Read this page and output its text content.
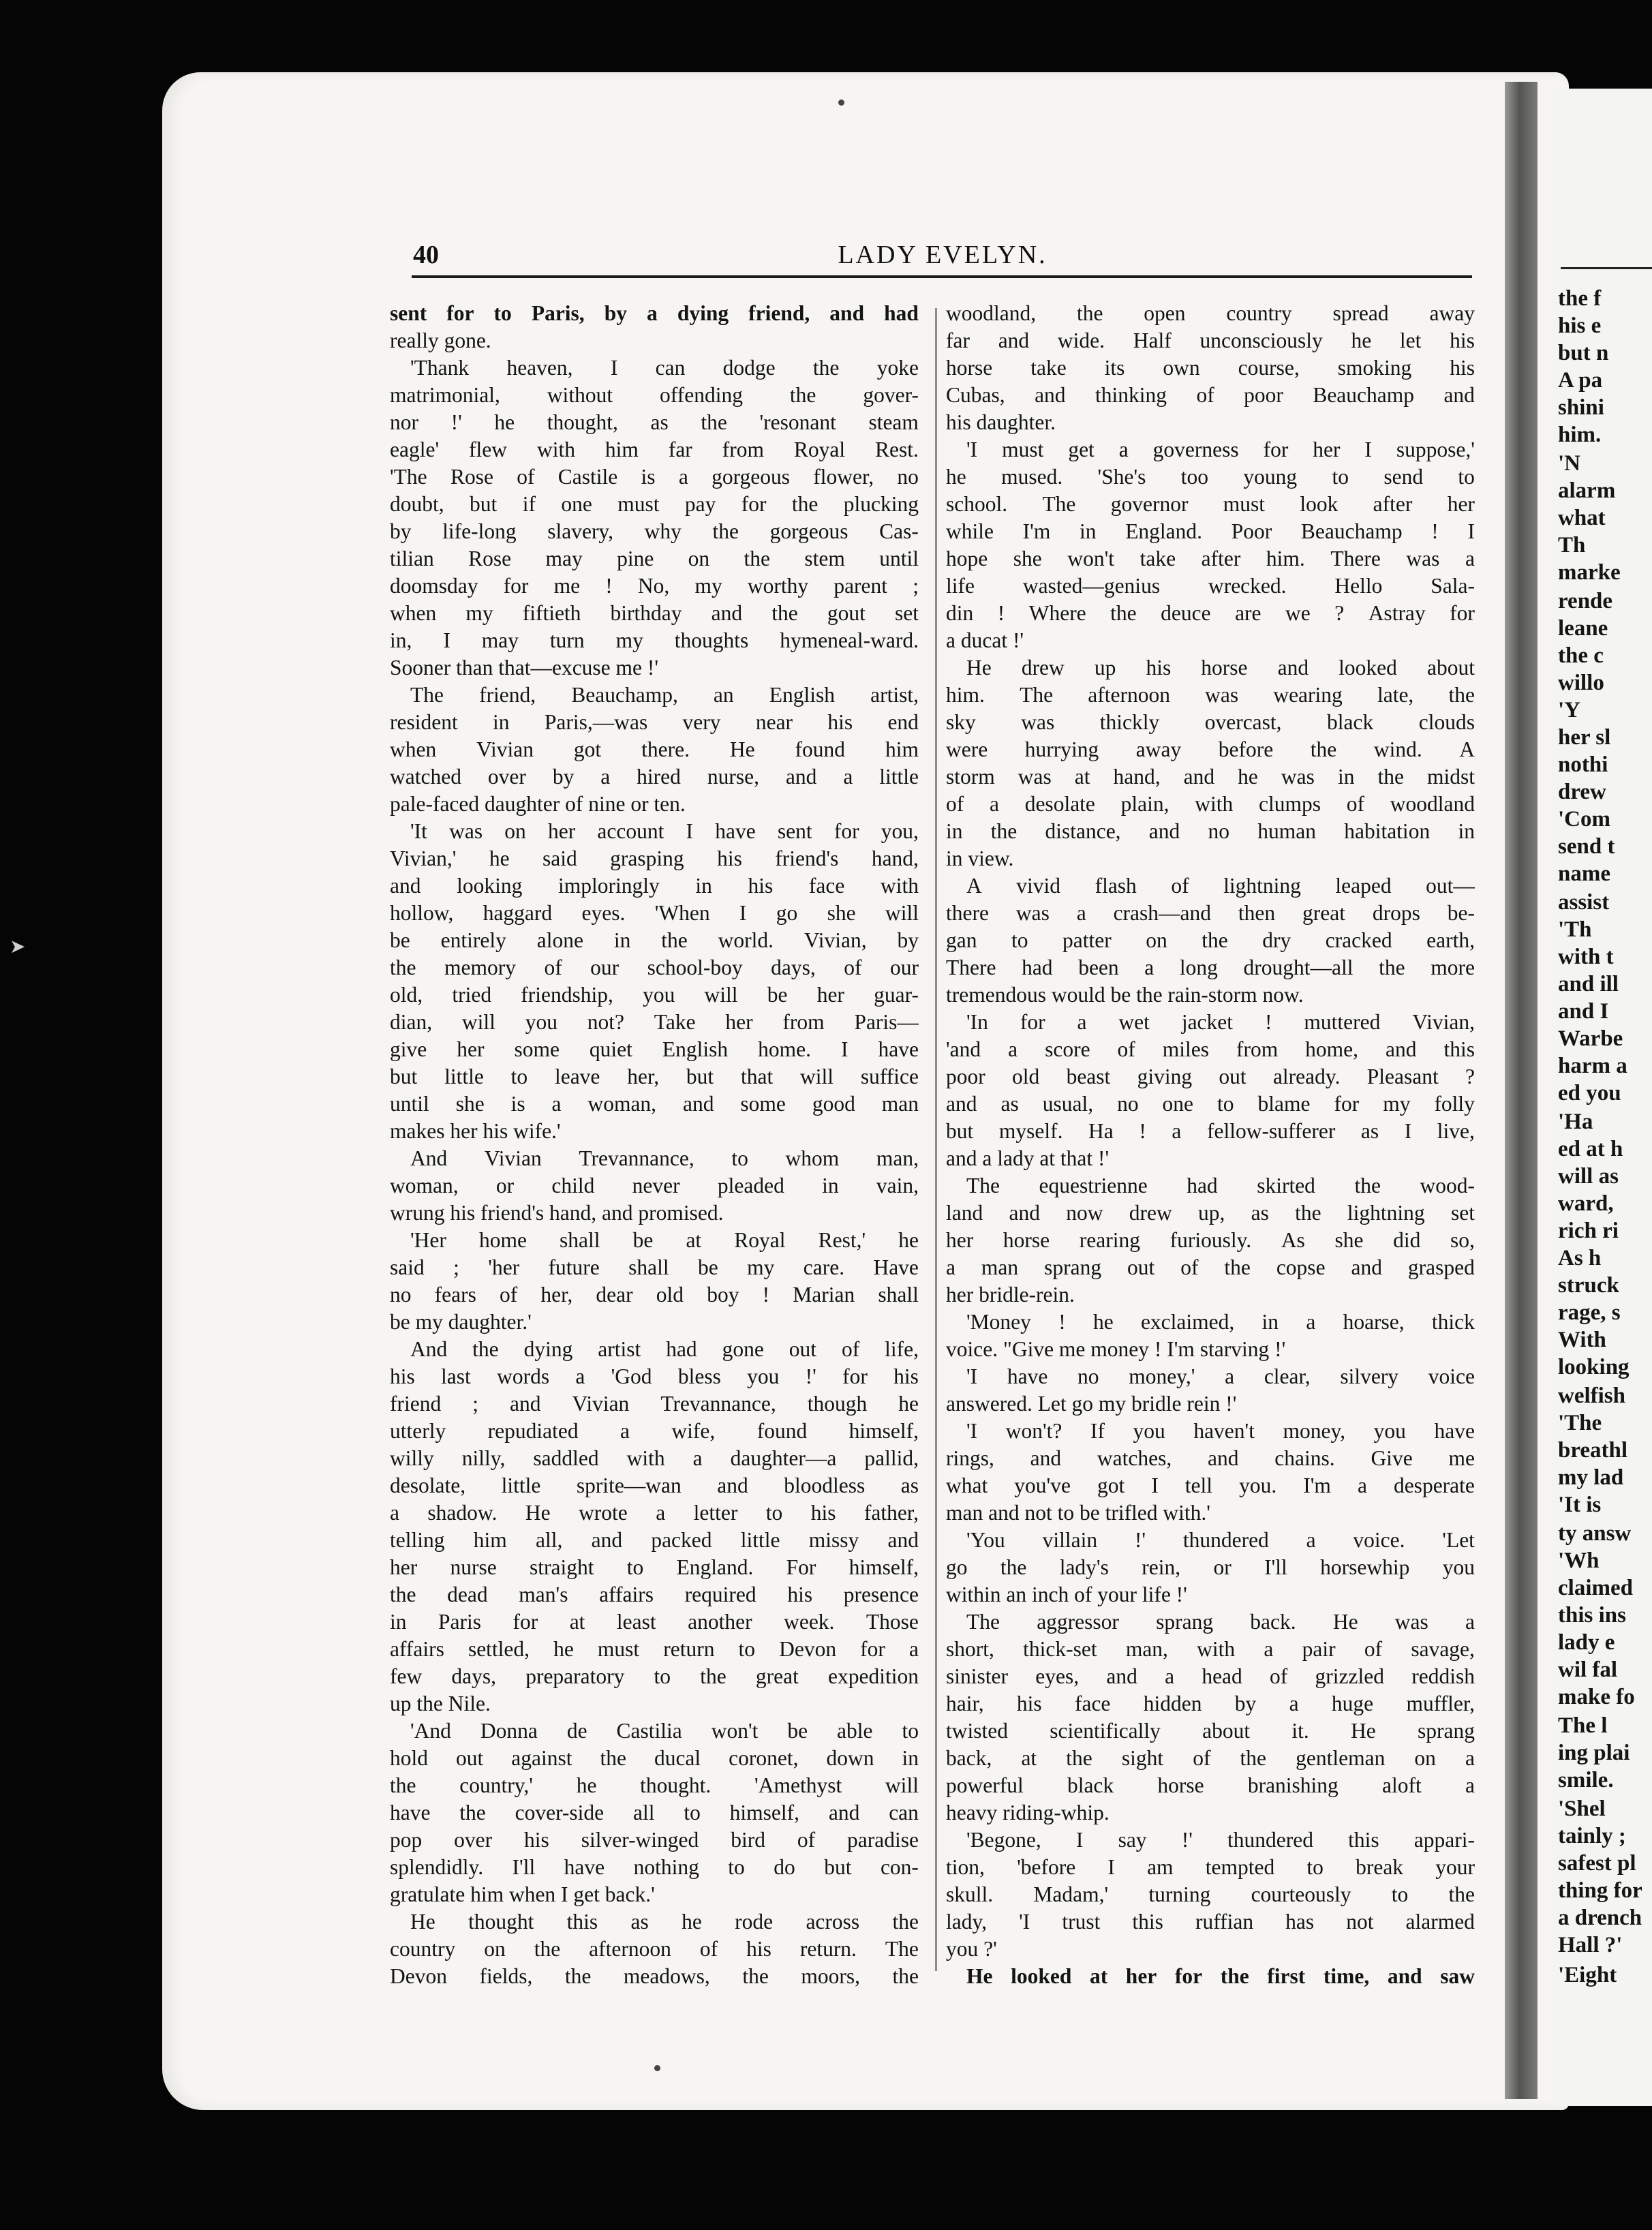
the f
his e
but n
A pa
shini
him.
'N
alarm
what
Th
marke
rende
leane
the c
willo
'Y
her sl
nothi
drew
'Com
send t
name
assist
'Th
with t
and ill
and I
Warbe
harm a
ed you
'Ha
ed at h
will as
ward,
rich ri
As h
struck
rage, s
With
looking
welfish
'The
breathl
my lad
'It is
ty answ
'Wh
claimed
this ins
lady e
wil fal
make fo
The l
ing plai
smile.
'Shel
tainly ;
safest pl
thing for
a drench
Hall ?'
'Eight
40	LADY EVELYN.
sent for to Paris, by a dying friend, and had
really gone.
'Thank heaven, I can dodge the yoke
matrimonial, without offending the gover-
nor !' he thought, as the 'resonant steam
eagle' flew with him far from Royal Rest.
'The Rose of Castile is a gorgeous flower, no
doubt, but if one must pay for the plucking
by life-long slavery, why the gorgeous Cas-
tilian Rose may pine on the stem until
doomsday for me ! No, my worthy parent ;
when my fiftieth birthday and the gout set
in, I may turn my thoughts hymeneal-ward.
Sooner than that—excuse me !'
The friend, Beauchamp, an English artist,
resident in Paris,—was very near his end
when Vivian got there. He found him
watched over by a hired nurse, and a little
pale-faced daughter of nine or ten.
'It was on her account I have sent for you,
Vivian,' he said grasping his friend's hand,
and looking imploringly in his face with
hollow, haggard eyes. 'When I go she will
be entirely alone in the world. Vivian, by
the memory of our school-boy days, of our
old, tried friendship, you will be her guar-
dian, will you not? Take her from Paris—
give her some quiet English home. I have
but little to leave her, but that will suffice
until she is a woman, and some good man
makes her his wife.'
And Vivian Trevannance, to whom man,
woman, or child never pleaded in vain,
wrung his friend's hand, and promised.
'Her home shall be at Royal Rest,' he
said ; 'her future shall be my care. Have
no fears of her, dear old boy ! Marian shall
be my daughter.'
And the dying artist had gone out of life,
his last words a 'God bless you !' for his
friend ; and Vivian Trevannance, though he
utterly repudiated a wife, found himself,
willy nilly, saddled with a daughter—a pallid,
desolate, little sprite—wan and bloodless as
a shadow. He wrote a letter to his father,
telling him all, and packed little missy and
her nurse straight to England. For himself,
the dead man's affairs required his presence
in Paris for at least another week. Those
affairs settled, he must return to Devon for a
few days, preparatory to the great expedition
up the Nile.
'And Donna de Castilia won't be able to
hold out against the ducal coronet, down in
the country,' he thought. 'Amethyst will
have the cover-side all to himself, and can
pop over his silver-winged bird of paradise
splendidly. I'll have nothing to do but con-
gratulate him when I get back.'
He thought this as he rode across the
country on the afternoon of his return. The
Devon fields, the meadows, the moors, the
woodland, the open country spread away
far and wide. Half unconsciously he let his
horse take its own course, smoking his
Cubas, and thinking of poor Beauchamp and
his daughter.
'I must get a governess for her I suppose,'
he mused. 'She's too young to send to
school. The governor must look after her
while I'm in England. Poor Beauchamp ! I
hope she won't take after him. There was a
life wasted—genius wrecked. Hello Sala-
din ! Where the deuce are we ? Astray for
a ducat !'
He drew up his horse and looked about
him. The afternoon was wearing late, the
sky was thickly overcast, black clouds
were hurrying away before the wind. A
storm was at hand, and he was in the midst
of a desolate plain, with clumps of woodland
in the distance, and no human habitation in
in view.
A vivid flash of lightning leaped out—
there was a crash—and then great drops be-
gan to patter on the dry cracked earth,
There had been a long drought—all the more
tremendous would be the rain-storm now.
'In for a wet jacket ! muttered Vivian,
'and a score of miles from home, and this
poor old beast giving out already. Pleasant ?
and as usual, no one to blame for my folly
but myself. Ha ! a fellow-sufferer as I live,
and a lady at that !'
The equestrienne had skirted the wood-
land and now drew up, as the lightning set
her horse rearing furiously. As she did so,
a man sprang out of the copse and grasped
her bridle-rein.
'Money ! he exclaimed, in a hoarse, thick
voice. "Give me money ! I'm starving !'
'I have no money,' a clear, silvery voice
answered. Let go my bridle rein !'
'I won't? If you haven't money, you have
rings, and watches, and chains. Give me
what you've got I tell you. I'm a desperate
man and not to be trifled with.'
'You villain !' thundered a voice. 'Let
go the lady's rein, or I'll horsewhip you
within an inch of your life !'
The aggressor sprang back. He was a
short, thick-set man, with a pair of savage,
sinister eyes, and a head of grizzled reddish
hair, his face hidden by a huge muffler,
twisted scientifically about it. He sprang
back, at the sight of the gentleman on a
powerful black horse branishing aloft a
heavy riding-whip.
'Begone, I say !' thundered this appari-
tion, 'before I am tempted to break your
skull. Madam,' turning courteously to the
lady, 'I trust this ruffian has not alarmed
you ?'
He looked at her for the first time, and saw
➤
